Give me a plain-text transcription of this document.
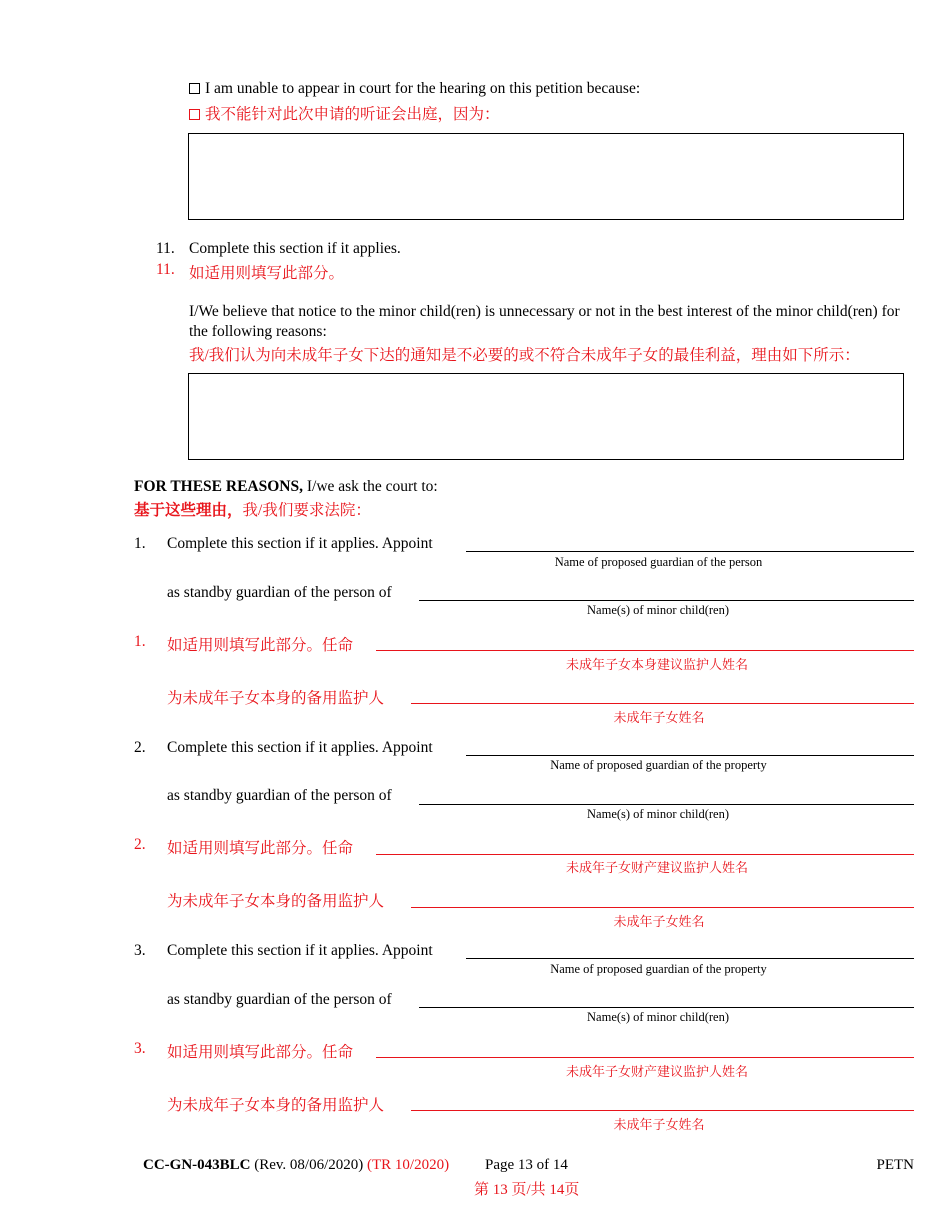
I am unable to appear in court for the hearing on this petition because:
我不能针对此次申请的听证会出庭，因为：
11. Complete this section if it applies.
11. 如适用则填写此部分。
I/We believe that notice to the minor child(ren) is unnecessary or not in the best interest of the minor child(ren) for the following reasons:
我/我们认为向未成年子女下达的通知是不必要的或不符合未成年子女的最佳利益，理由如下所示：
FOR THESE REASONS, I/we ask the court to:
基于这些理由，我/我们要求法院：
1. Complete this section if it applies. Appoint
Name of proposed guardian of the person
as standby guardian of the person of
Name(s) of minor child(ren)
1. 如适用则填写此部分。任命
未成年子女本身建议监护人姓名
为未成年子女本身的备用监护人
未成年子女姓名
2. Complete this section if it applies. Appoint
Name of proposed guardian of the property
as standby guardian of the person of
Name(s) of minor child(ren)
2. 如适用则填写此部分。任命
未成年子女财产建议监护人姓名
为未成年子女本身的备用监护人
未成年子女姓名
3. Complete this section if it applies. Appoint
Name of proposed guardian of the property
as standby guardian of the person of
Name(s) of minor child(ren)
3. 如适用则填写此部分。任命
未成年子女财产建议监护人姓名
为未成年子女本身的备用监护人
未成年子女姓名
CC-GN-043BLC (Rev. 08/06/2020) (TR 10/2020) Page 13 of 14
第 13 页/共 14页
PETN
